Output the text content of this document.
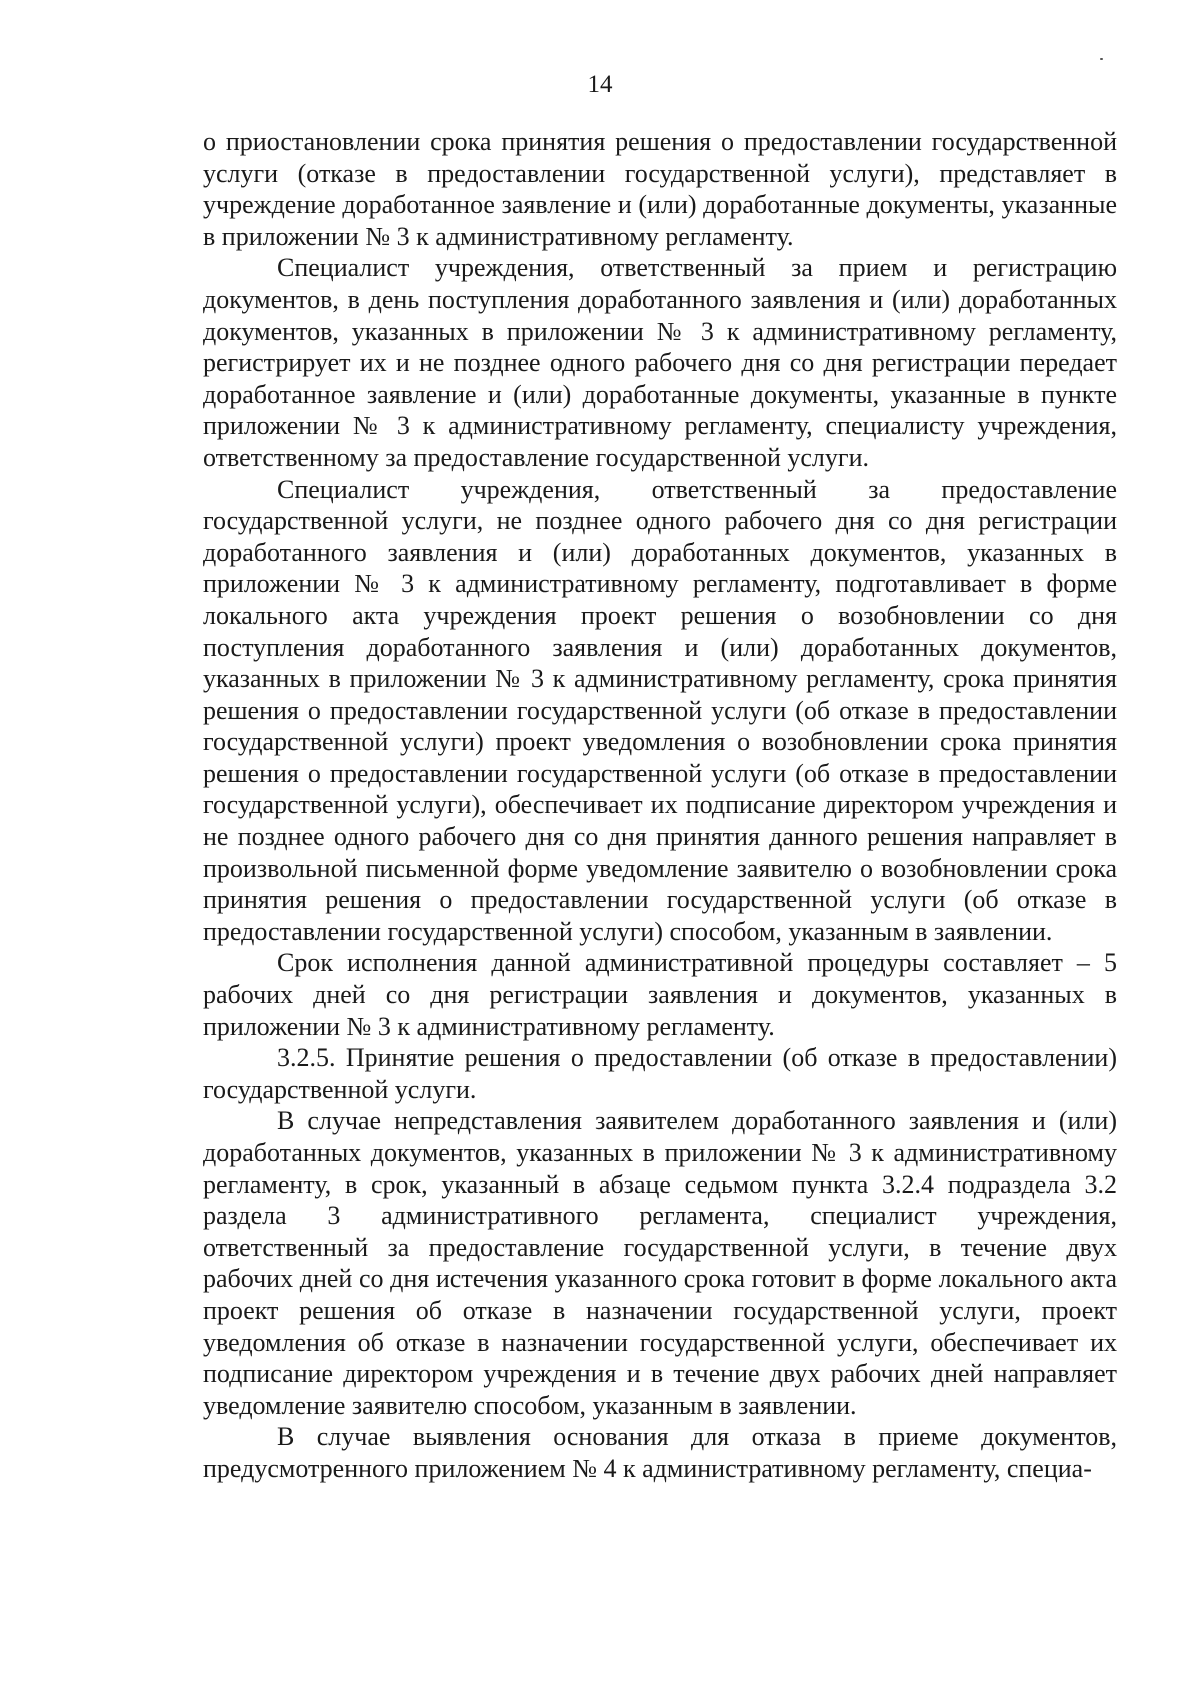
14

о приостановлении срока принятия решения о предоставлении государственной услуги (отказе в предоставлении государственной услуги), представляет в учреждение доработанное заявление и (или) доработанные документы, указанные в приложении № 3 к административному регламенту.

Специалист учреждения, ответственный за прием и регистрацию документов, в день поступления доработанного заявления и (или) доработанных документов, указанных в приложении № 3 к административному регламенту, регистрирует их и не позднее одного рабочего дня со дня регистрации передает доработанное заявление и (или) доработанные документы, указанные в пункте приложении № 3 к административному регламенту, специалисту учреждения, ответственному за предоставление государственной услуги.

Специалист учреждения, ответственный за предоставление государственной услуги, не позднее одного рабочего дня со дня регистрации доработанного заявления и (или) доработанных документов, указанных в приложении № 3 к административному регламенту, подготавливает в форме локального акта учреждения проект решения о возобновлении со дня поступления доработанного заявления и (или) доработанных документов, указанных в приложении № 3 к административному регламенту, срока принятия решения о предоставлении государственной услуги (об отказе в предоставлении государственной услуги) проект уведомления о возобновлении срока принятия решения о предоставлении государственной услуги (об отказе в предоставлении государственной услуги), обеспечивает их подписание директором учреждения и не позднее одного рабочего дня со дня принятия данного решения направляет в произвольной письменной форме уведомление заявителю о возобновлении срока принятия решения о предоставлении государственной услуги (об отказе в предоставлении государственной услуги) способом, указанным в заявлении.

Срок исполнения данной административной процедуры составляет – 5 рабочих дней со дня регистрации заявления и документов, указанных в приложении № 3 к административному регламенту.

3.2.5. Принятие решения о предоставлении (об отказе в предоставлении) государственной услуги.

В случае непредставления заявителем доработанного заявления и (или) доработанных документов, указанных в приложении № 3 к административному регламенту, в срок, указанный в абзаце седьмом пункта 3.2.4 подраздела 3.2 раздела 3 административного регламента, специалист учреждения, ответственный за предоставление государственной услуги, в течение двух рабочих дней со дня истечения указанного срока готовит в форме локального акта проект решения об отказе в назначении государственной услуги, проект уведомления об отказе в назначении государственной услуги, обеспечивает их подписание директором учреждения и в течение двух рабочих дней направляет уведомление заявителю способом, указанным в заявлении.

В случае выявления основания для отказа в приеме документов, предусмотренного приложением № 4 к административному регламенту, специа-
